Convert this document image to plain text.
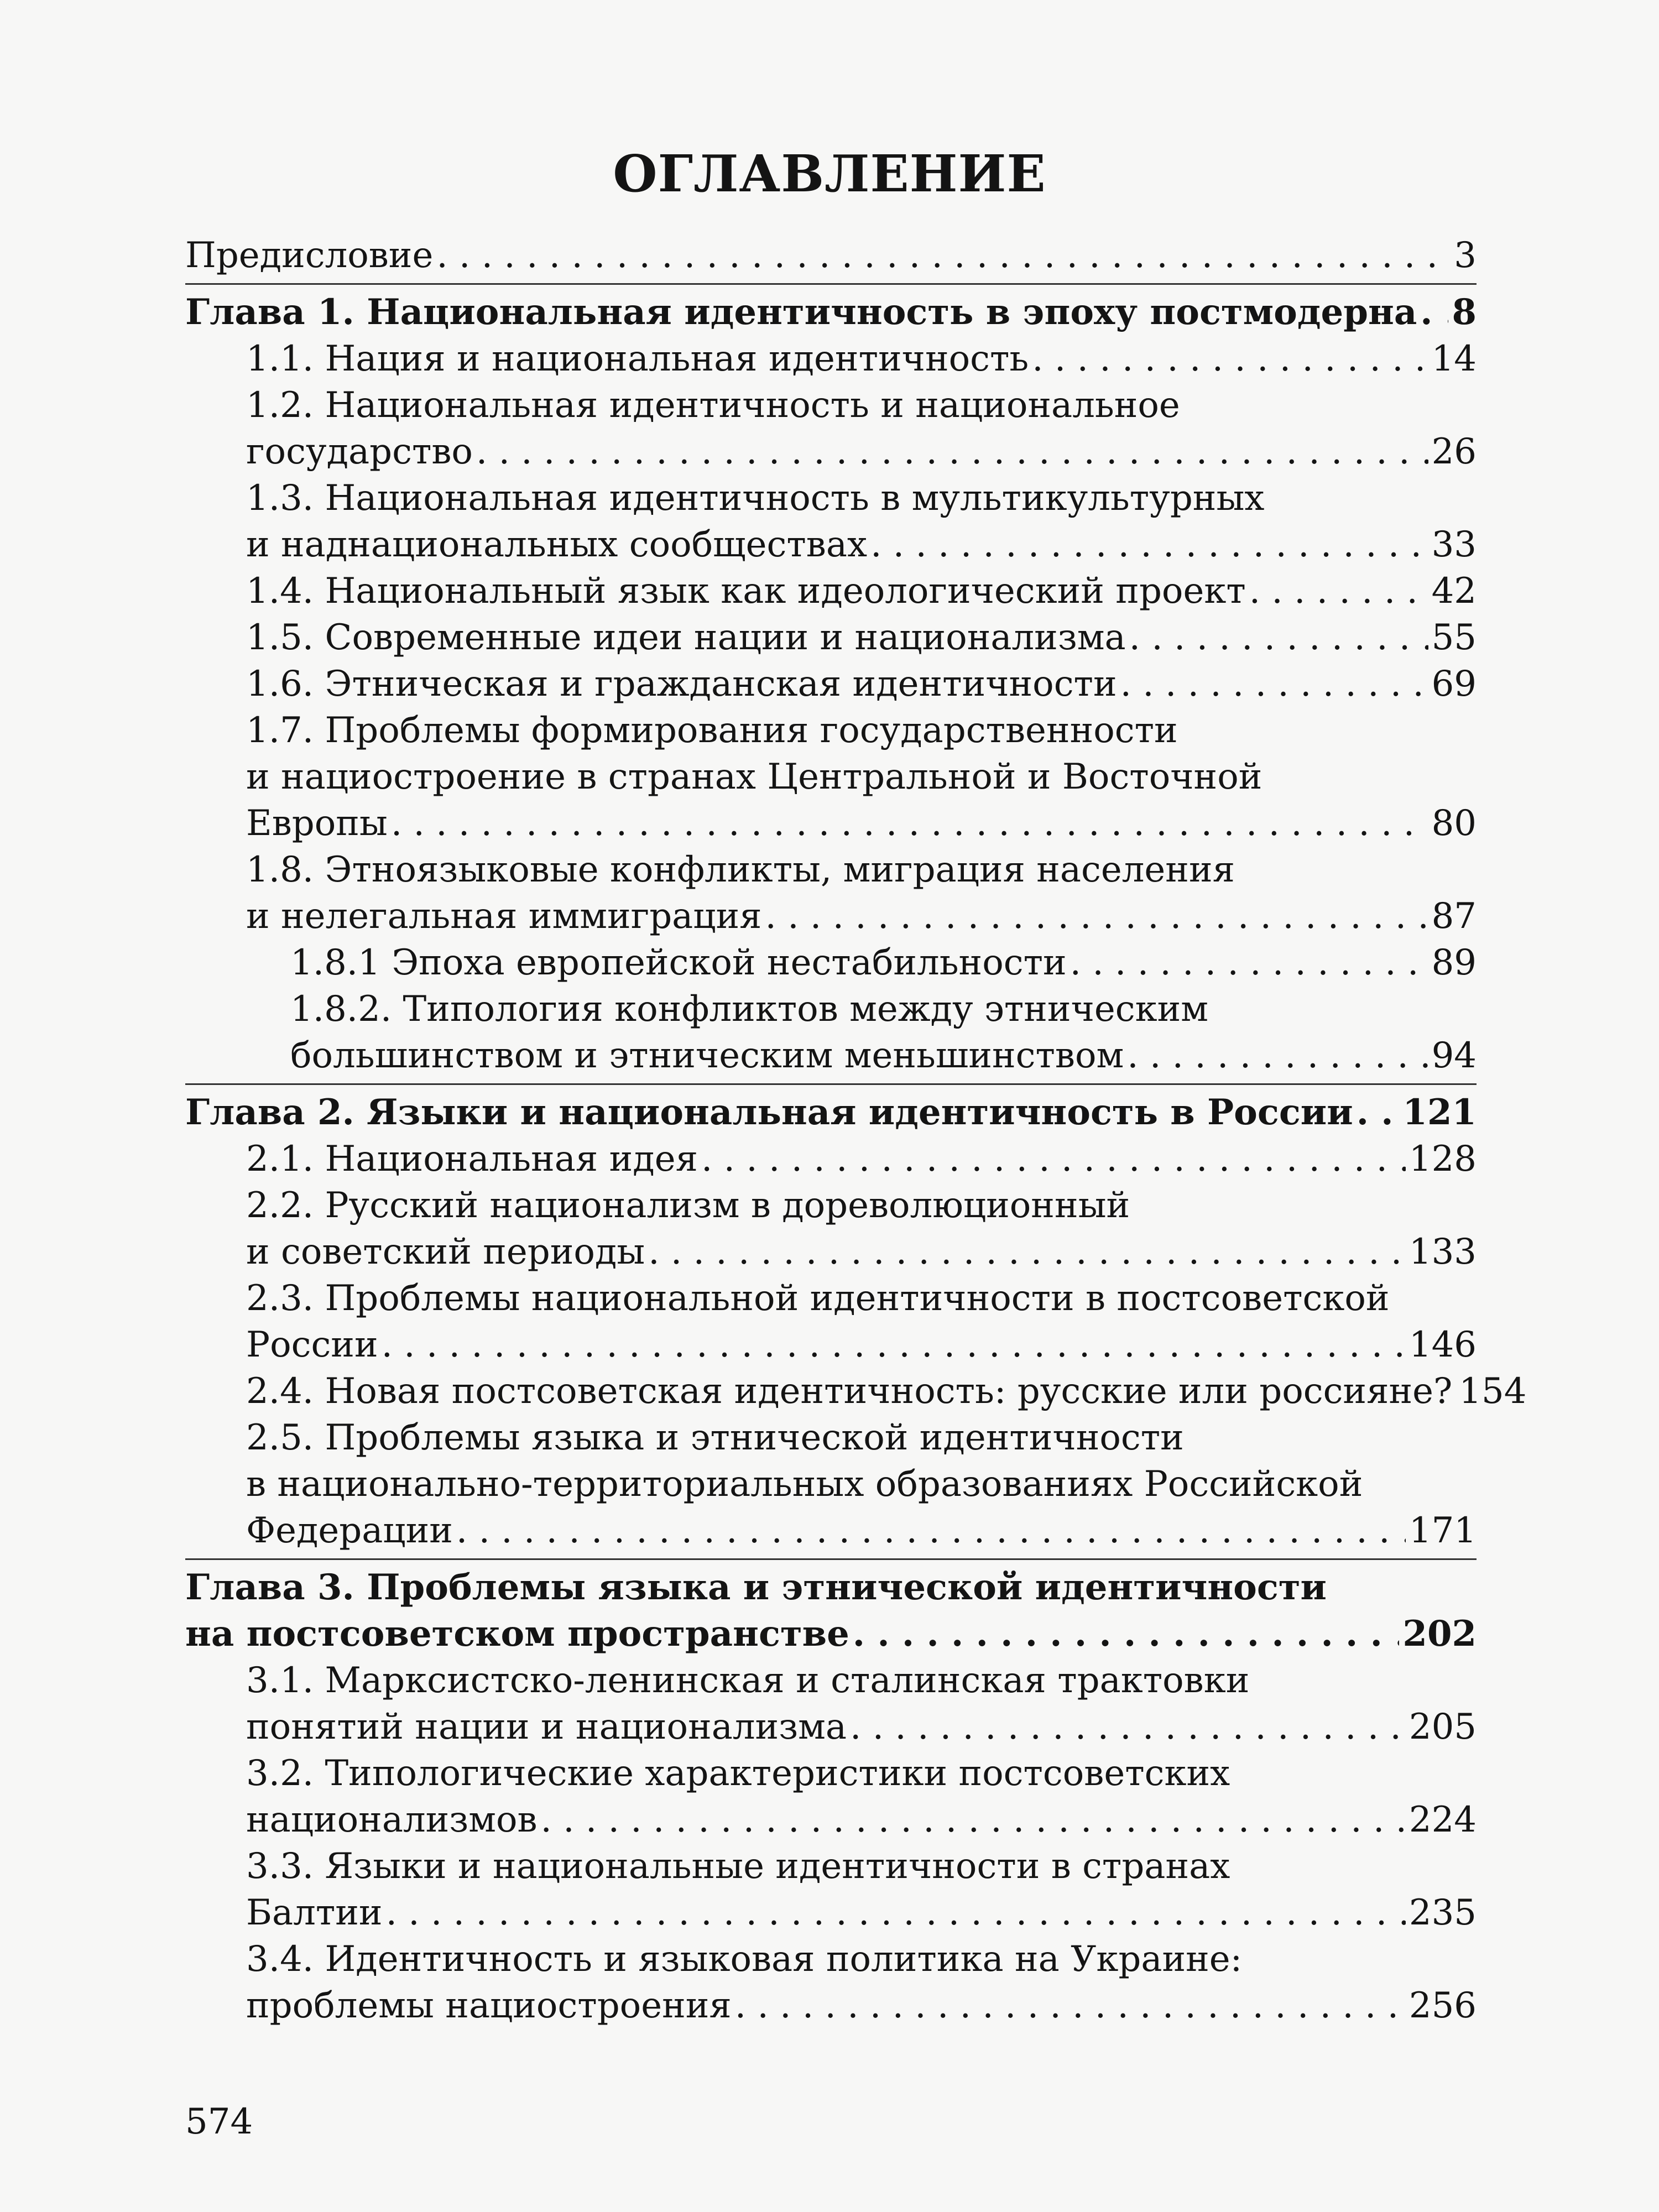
ОГЛАВЛЕНИЕ
Предисловие . . .	3
Глава 1. Национальная идентичность в эпоху постмодерна . . . 8
1.1. Нация и национальная идентичность . . .	14
1.2. Национальная идентичность и национальное
государство . . .	26
1.3. Национальная идентичность в мультикультурных
и наднациональных сообществах . . .	33
1.4. Национальный язык как идеологический проект . . .	42
1.5. Современные идеи нации и национализма . . .	55
1.6. Этническая и гражданская идентичности . . .	69
1.7. Проблемы формирования государственности
и нациостроение в странах Центральной и Восточной
Европы . . .	80
1.8. Этноязыковые конфликты, миграция населения
и нелегальная иммиграция . . .	87
1.8.1 Эпоха европейской нестабильности . . .	89
1.8.2. Типология конфликтов между этническим
большинством и этническим меньшинством . . .	94
Глава 2. Языки и национальная идентичность в России . . . 121
2.1. Национальная идея . . .	128
2.2. Русский национализм в дореволюционный
и советский периоды . . .	133
2.3. Проблемы национальной идентичности в постсоветской
России . . .	146
2.4. Новая постсоветская идентичность: русские или россияне? 154
2.5. Проблемы языка и этнической идентичности
в национально-территориальных образованиях Российской
Федерации . . .	171
Глава 3. Проблемы языка и этнической идентичности
на постсоветском пространстве . . .	202
3.1. Марксистско-ленинская и сталинская трактовки
понятий нации и национализма . . .	205
3.2. Типологические характеристики постсоветских
национализмов . . .	224
3.3. Языки и национальные идентичности в странах
Балтии . . .	235
3.4. Идентичность и языковая политика на Украине:
проблемы нациостроения . . .	256
574
